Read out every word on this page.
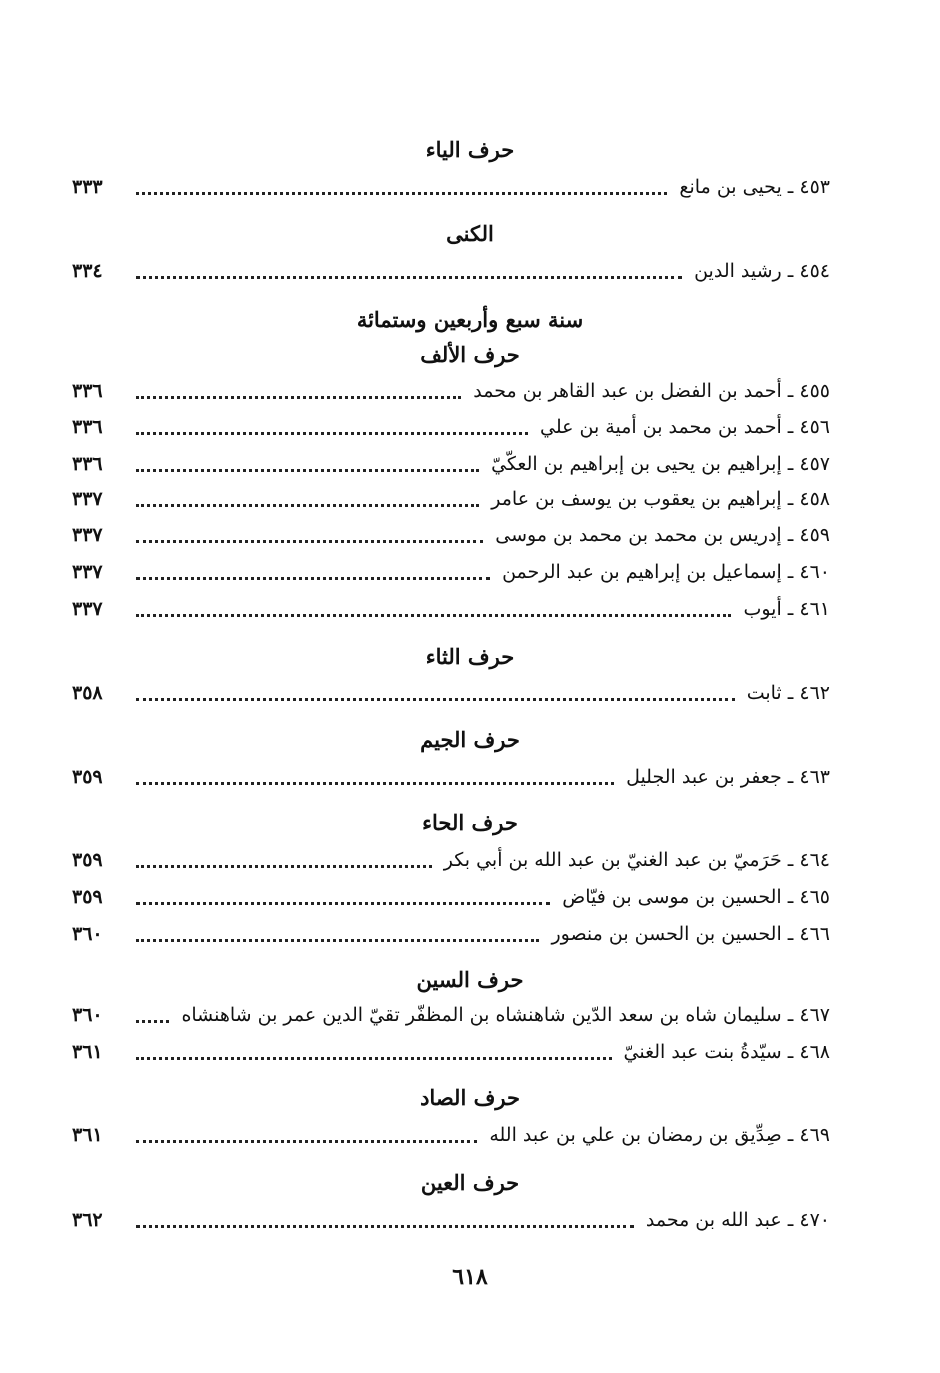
حرف الياء
٤٥٣ ـ يحيى بن مانع
٣٣٣
الكنى
٤٥٤ ـ رشيد الدين
٣٣٤
سنة سبع وأربعين وستمائة
حرف الألف
٤٥٥ ـ أحمد بن الفضل بن عبد القاهر بن محمد
٣٣٦
٤٥٦ ـ أحمد بن محمد بن أمية بن علي
٣٣٦
٤٥٧ ـ إبراهيم بن يحيى بن إبراهيم بن العكّيّ
٣٣٦
٤٥٨ ـ إبراهيم بن يعقوب بن يوسف بن عامر
٣٣٧
٤٥٩ ـ إدريس بن محمد بن محمد بن موسى
٣٣٧
٤٦٠ ـ إسماعيل بن إبراهيم بن عبد الرحمن
٣٣٧
٤٦١ ـ أيوب
٣٣٧
حرف الثاء
٤٦٢ ـ ثابت
٣٥٨
حرف الجيم
٤٦٣ ـ جعفر بن عبد الجليل
٣٥٩
حرف الحاء
٤٦٤ ـ حَرَميّ بن عبد الغنيّ بن عبد الله بن أبي بكر
٣٥٩
٤٦٥ ـ الحسين بن موسى بن فيّاض
٣٥٩
٤٦٦ ـ الحسين بن الحسن بن منصور
٣٦٠
حرف السين
٤٦٧ ـ سليمان شاه بن سعد الدّين شاهنشاه بن المظفّر تقيّ الدين عمر بن شاهنشاه
٣٦٠
٤٦٨ ـ سيّدةُ بنت عبد الغنيّ
٣٦١
حرف الصاد
٤٦٩ ـ صِدِّيق بن رمضان بن علي بن عبد الله
٣٦١
حرف العين
٤٧٠ ـ عبد الله بن محمد
٣٦٢
٦١٨
